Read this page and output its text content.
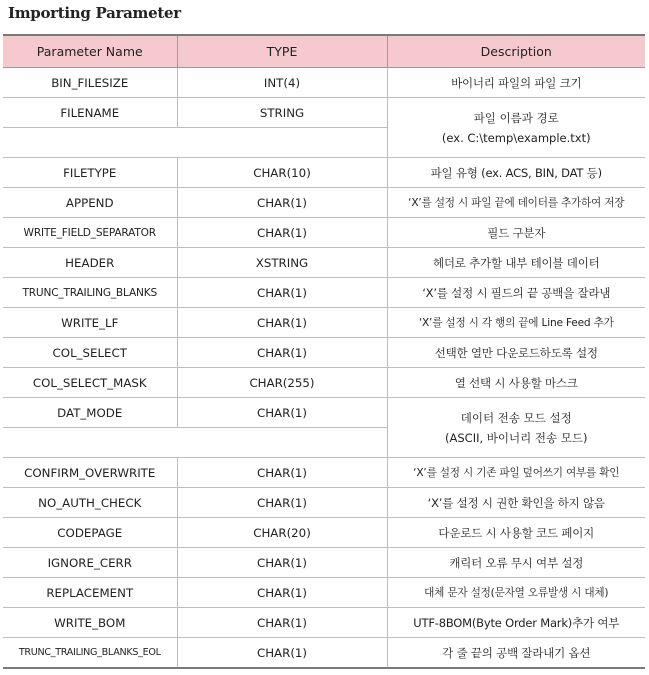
Importing Parameter
Parameter Name	TYPE	Description
BIN_FILESIZE	INT(4)	바이너리 파일의 파일 크기
FILENAME	STRING	파일 이름과 경로
(ex. C:\temp\example.txt)

FILETYPE	CHAR(10)	파일 유형 (ex. ACS, BIN, DAT 등)
APPEND	CHAR(1)	‘X’를 설정 시 파일 끝에 데이터를 추가하여 저장
WRITE_FIELD_SEPARATOR	CHAR(1)	필드 구분자
HEADER	XSTRING	헤더로 추가할 내부 테이블 데이터
TRUNC_TRAILING_BLANKS	CHAR(1)	‘X’를 설정 시 필드의 끝 공백을 잘라냄
WRITE_LF	CHAR(1)	‘X’를 설정 시 각 행의 끝에 Line Feed 추가
COL_SELECT	CHAR(1)	선택한 열만 다운로드하도록 설정
COL_SELECT_MASK	CHAR(255)	열 선택 시 사용할 마스크
DAT_MODE	CHAR(1)	데이터 전송 모드 설정
(ASCII, 바이너리 전송 모드)

CONFIRM_OVERWRITE	CHAR(1)	‘X’를 설정 시 기존 파일 덮어쓰기 여부를 확인
NO_AUTH_CHECK	CHAR(1)	‘X’를 설정 시 권한 확인을 하지 않음
CODEPAGE	CHAR(20)	다운로드 시 사용할 코드 페이지
IGNORE_CERR	CHAR(1)	캐릭터 오류 무시 여부 설정
REPLACEMENT	CHAR(1)	대체 문자 설정(문자열 오류발생 시 대체)
WRITE_BOM	CHAR(1)	UTF-8BOM(Byte Order Mark)추가 여부
TRUNC_TRAILING_BLANKS_EOL	CHAR(1)	각 줄 끝의 공백 잘라내기 옵션
